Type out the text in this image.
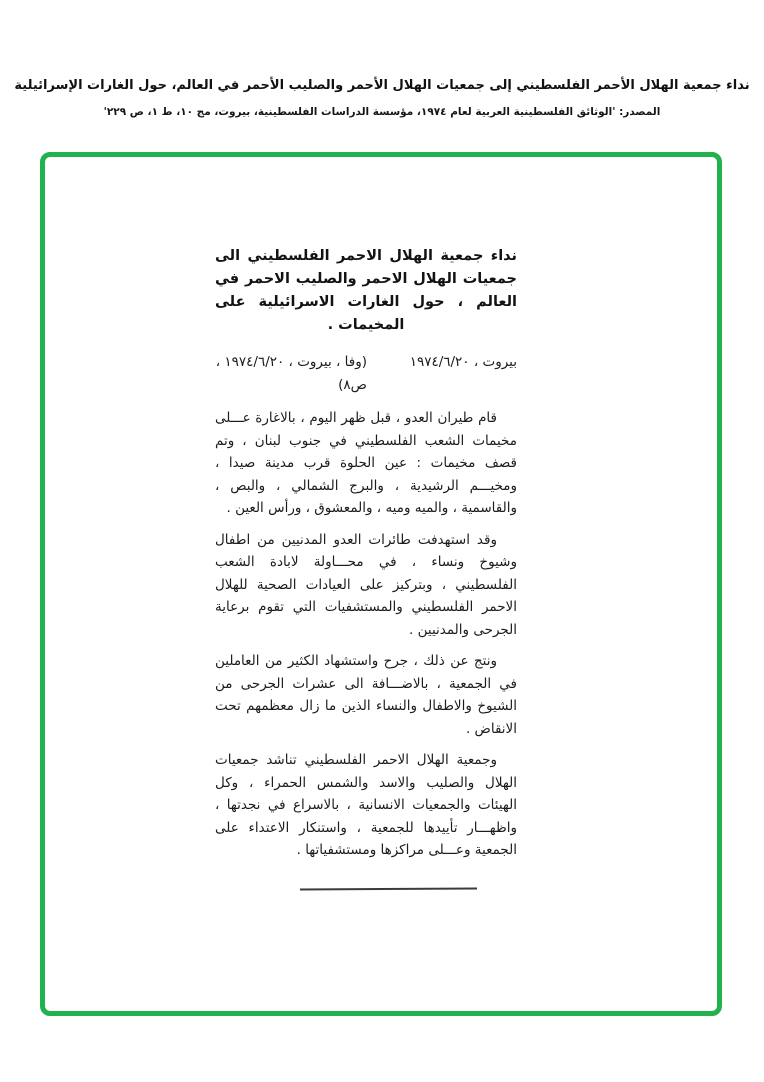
نداء جمعية الهلال الأحمر الفلسطيني إلى جمعيات الهلال الأحمر والصليب الأحمر في العالم، حول الغارات الإسرائيلية
المصدر: 'الوثائق الفلسطينية العربية لعام ١٩٧٤، مؤسسة الدراسات الفلسطينية، بيروت، مج ١٠، ط ١، ص ٢٢٩'
نداء جمعية الهلال الاحمر الفلسطيني الى جمعيات الهلال الاحمر والصليب الاحمر في العالم ، حول الغارات الاسرائيلية على المخيمات .
بيروت ، ١٩٧٤/٦/٢٠
(وفا ، بيروت ، ١٩٧٤/٦/٢٠ ، ص٨)
قام طيران العدو ، قبل ظهر اليوم ، بالاغارة عـــلى مخيمات الشعب الفلسطيني في جنوب لبنان ، وتم قصف مخيمات : عين الحلوة قرب مدينة صيدا ، ومخيـــم الرشيدية ، والبرج الشمالي ، والبص ، والقاسمية ، والميه وميه ، والمعشوق ، ورأس العين .
وقد استهدفت طائرات العدو المدنيين من اطفال وشيوخ ونساء ، في محـــاولة لابادة الشعب الفلسطيني ، وبتركيز على العيادات الصحية للهلال الاحمر الفلسطيني والمستشفيات التي تقوم برعاية الجرحى والمدنيين .
ونتج عن ذلك ، جرح واستشهاد الكثير من العاملين في الجمعية ، بالاضـــافة الى عشرات الجرحى من الشيوخ والاطفال والنساء الذين ما زال معظمهم تحت الانقاض .
وجمعية الهلال الاحمر الفلسطيني تناشد جمعيات الهلال والصليب والاسد والشمس الحمراء ، وكل الهيئات والجمعيات الانسانية ، بالاسراع في نجدتها ، واظهـــار تأييدها للجمعية ، واستنكار الاعتداء على الجمعية وعـــلى مراكزها ومستشفياتها .
